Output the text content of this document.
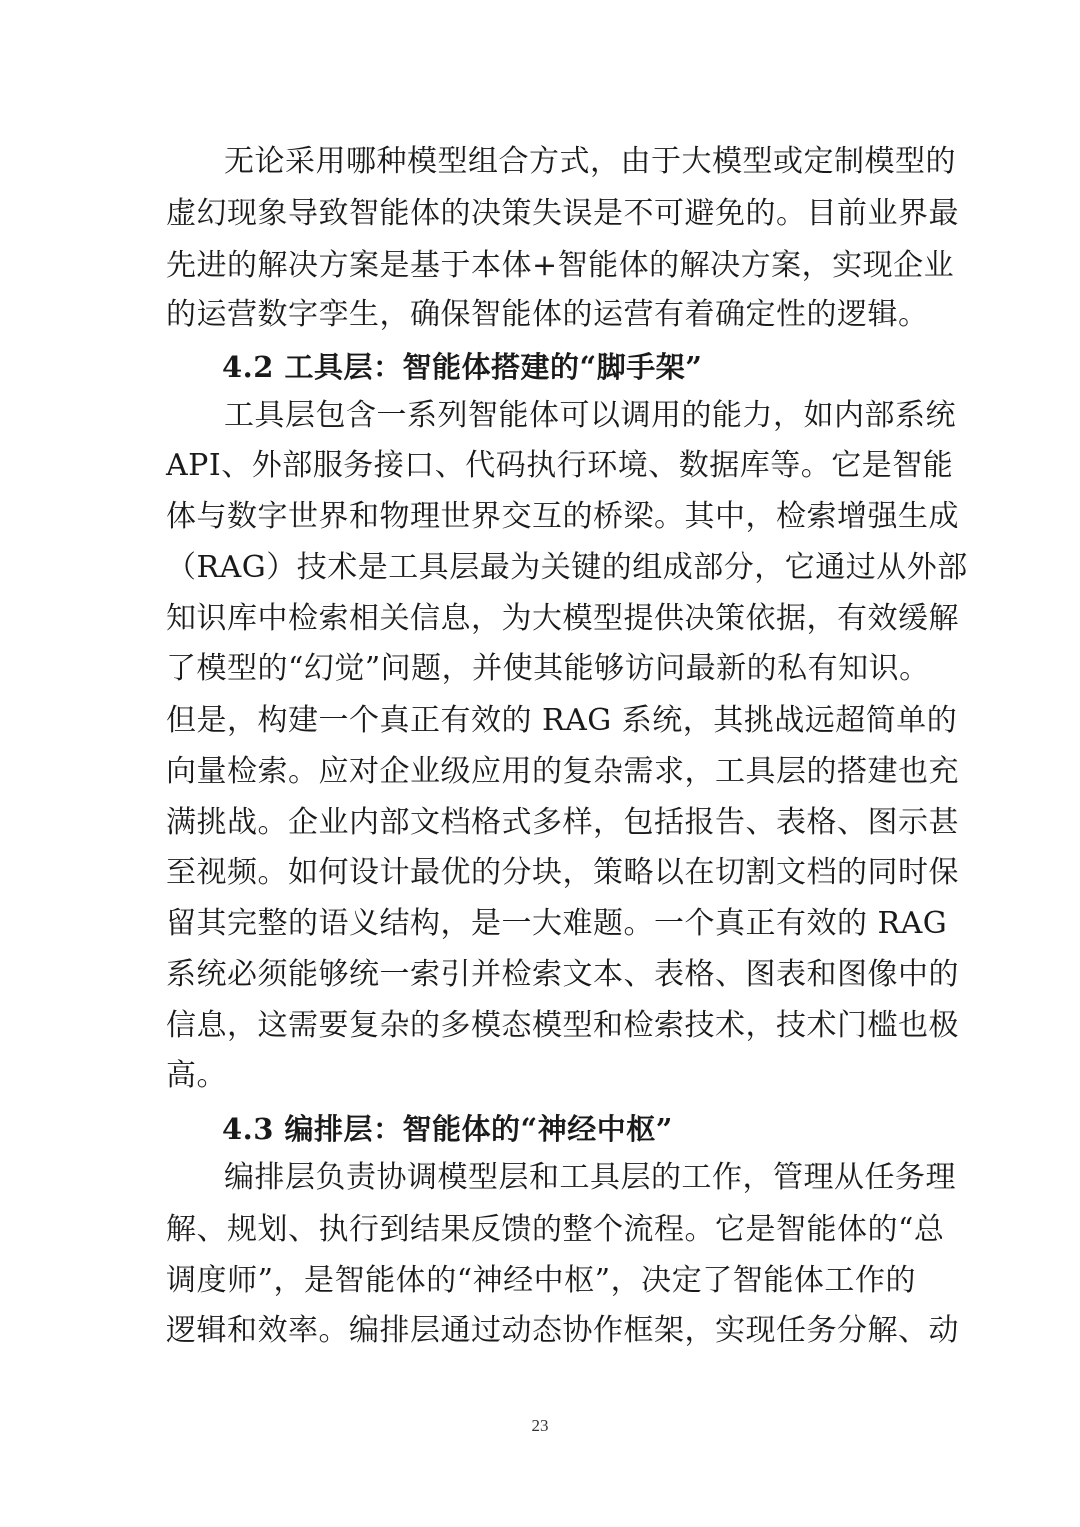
无论采用哪种模型组合方式，由于大模型或定制模型的
虚幻现象导致智能体的决策失误是不可避免的。目前业界最
先进的解决方案是基于本体+智能体的解决方案，实现企业
的运营数字孪生，确保智能体的运营有着确定性的逻辑。
4.2 工具层：智能体搭建的“脚手架”
工具层包含一系列智能体可以调用的能力，如内部系统
API、外部服务接口、代码执行环境、数据库等。它是智能
体与数字世界和物理世界交互的桥梁。其中，检索增强生成
（RAG）技术是工具层最为关键的组成部分，它通过从外部
知识库中检索相关信息，为大模型提供决策依据，有效缓解
了模型的“幻觉”问题，并使其能够访问最新的私有知识。
但是，构建一个真正有效的 RAG 系统，其挑战远超简单的
向量检索。应对企业级应用的复杂需求，工具层的搭建也充
满挑战。企业内部文档格式多样，包括报告、表格、图示甚
至视频。如何设计最优的分块，策略以在切割文档的同时保
留其完整的语义结构，是一大难题。一个真正有效的 RAG
系统必须能够统一索引并检索文本、表格、图表和图像中的
信息，这需要复杂的多模态模型和检索技术，技术门槛也极
高。
4.3 编排层：智能体的“神经中枢”
编排层负责协调模型层和工具层的工作，管理从任务理
解、规划、执行到结果反馈的整个流程。它是智能体的“总
调度师”，是智能体的“神经中枢”，决定了智能体工作的
逻辑和效率。编排层通过动态协作框架，实现任务分解、动
23
